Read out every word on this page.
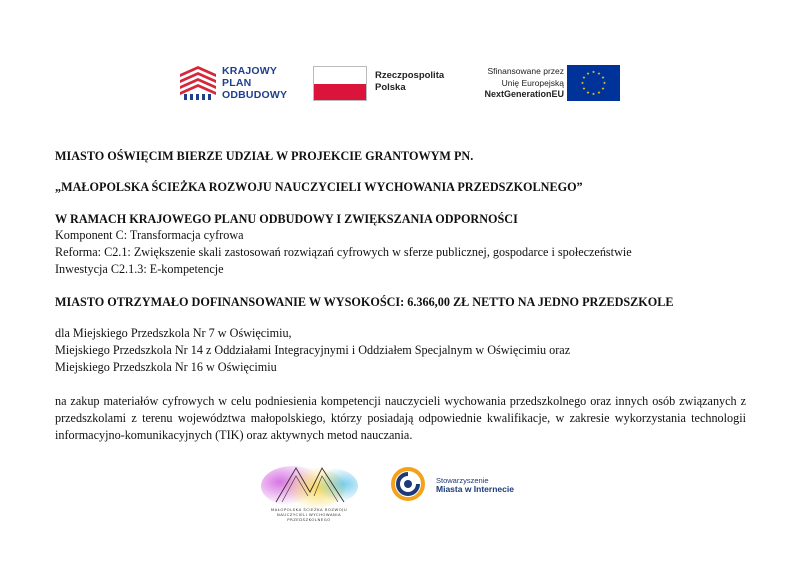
KRAJOWY
PLAN
ODBUDOWY
Rzeczpospolita
Polska
Sfinansowane przez
Unię Europejską
NextGenerationEU
MIASTO OŚWIĘCIM BIERZE UDZIAŁ W PROJEKCIE GRANTOWYM PN.
„MAŁOPOLSKA ŚCIEŻKA ROZWOJU NAUCZYCIELI WYCHOWANIA PRZEDSZKOLNEGO”
W RAMACH KRAJOWEGO PLANU ODBUDOWY I ZWIĘKSZANIA ODPORNOŚCI
Komponent C: Transformacja cyfrowa
Reforma: C2.1: Zwiększenie skali zastosowań rozwiązań cyfrowych w sferze publicznej, gospodarce i społeczeństwie
Inwestycja C2.1.3: E-kompetencje
MIASTO OTRZYMAŁO DOFINANSOWANIE W WYSOKOŚCI: 6.366,00 ZŁ NETTO NA JEDNO PRZEDSZKOLE
dla Miejskiego Przedszkola Nr 7 w Oświęcimiu,
Miejskiego Przedszkola Nr 14 z Oddziałami Integracyjnymi i Oddziałem Specjalnym w Oświęcimiu oraz
Miejskiego Przedszkola Nr 16 w Oświęcimiu
na zakup materiałów cyfrowych w celu podniesienia kompetencji nauczycieli wychowania przedszkolnego oraz innych osób związanych z przedszkolami z terenu województwa małopolskiego, którzy posiadają odpowiednie kwalifikacje, w zakresie wykorzystania technologii informacyjno-komunikacyjnych (TIK) oraz aktywnych metod nauczania.
MAŁOPOLSKA ŚCIEŻKA ROZWOJU
NAUCZYCIELI WYCHOWANIA
PRZEDSZKOLNEGO
Stowarzyszenie
Miasta w Internecie
